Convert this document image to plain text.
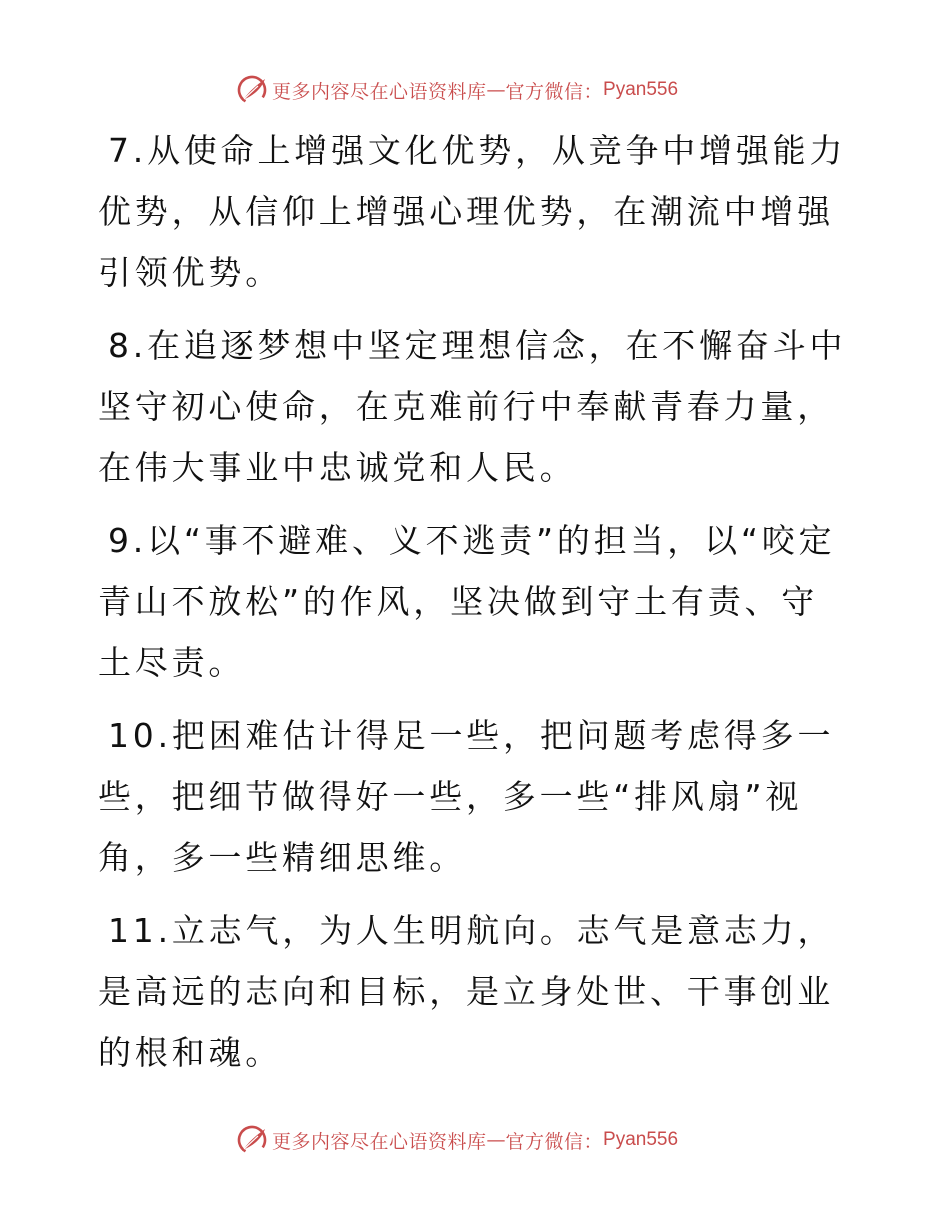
更多内容尽在心语资料库 — 官方微信： Pyan556

7.从使命上增强文化优势，从竞争中增强能力优势，从信仰上增强心理优势，在潮流中增强引领优势。

8.在追逐梦想中坚定理想信念，在不懈奋斗中坚守初心使命，在克难前行中奉献青春力量，在伟大事业中忠诚党和人民。

9.以“事不避难、义不逃责”的担当，以“咬定青山不放松”的作风，坚决做到守土有责、守土尽责。

10.把困难估计得足一些，把问题考虑得多一些，把细节做得好一些，多一些“排风扇”视角，多一些精细思维。

11.立志气，为人生明航向。志气是意志力，是高远的志向和目标，是立身处世、干事创业的根和魂。

更多内容尽在心语资料库 — 官方微信： Pyan556
